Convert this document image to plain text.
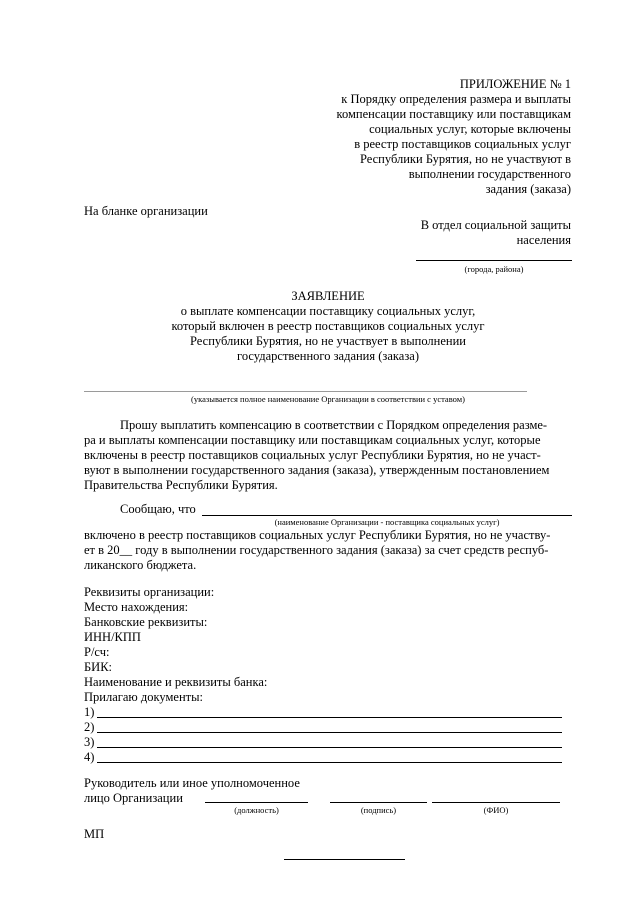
ПРИЛОЖЕНИЕ № 1
к Порядку определения размера и выплаты
компенсации поставщику или поставщикам
социальных услуг, которые включены
в реестр поставщиков социальных услуг
Республики Бурятия, но не участвуют в
выполнении государственного
задания (заказа)
На бланке организации
В отдел социальной защиты
населения
(города, района)
ЗАЯВЛЕНИЕ
о выплате компенсации поставщику социальных услуг,
который включен в реестр поставщиков социальных услуг
Республики Бурятия, но не участвует в выполнении
государственного задания (заказа)
(указывается полное наименование Организации в соответствии с уставом)
Прошу выплатить компенсацию в соответствии с Порядком определения разме-
ра и выплаты компенсации поставщику или поставщикам социальных услуг, которые
включены в реестр поставщиков социальных услуг Республики Бурятия, но не участ-
вуют в выполнении государственного задания (заказа), утвержденным постановлением
Правительства Республики Бурятия.
Сообщаю, что
(наименование Организации - поставщика социальных услуг)
включено в реестр поставщиков социальных услуг Республики Бурятия, но не участву-
ет в 20__ году в выполнении государственного задания (заказа) за счет средств респуб-
ликанского бюджета.
Реквизиты организации:
Место нахождения:
Банковские реквизиты:
ИНН/КПП
Р/сч:
БИК:
Наименование и реквизиты банка:
Прилагаю документы:
1)
2)
3)
4)
Руководитель или иное уполномоченное
лицо Организации
(должность)	(подпись)	(ФИО)
МП
